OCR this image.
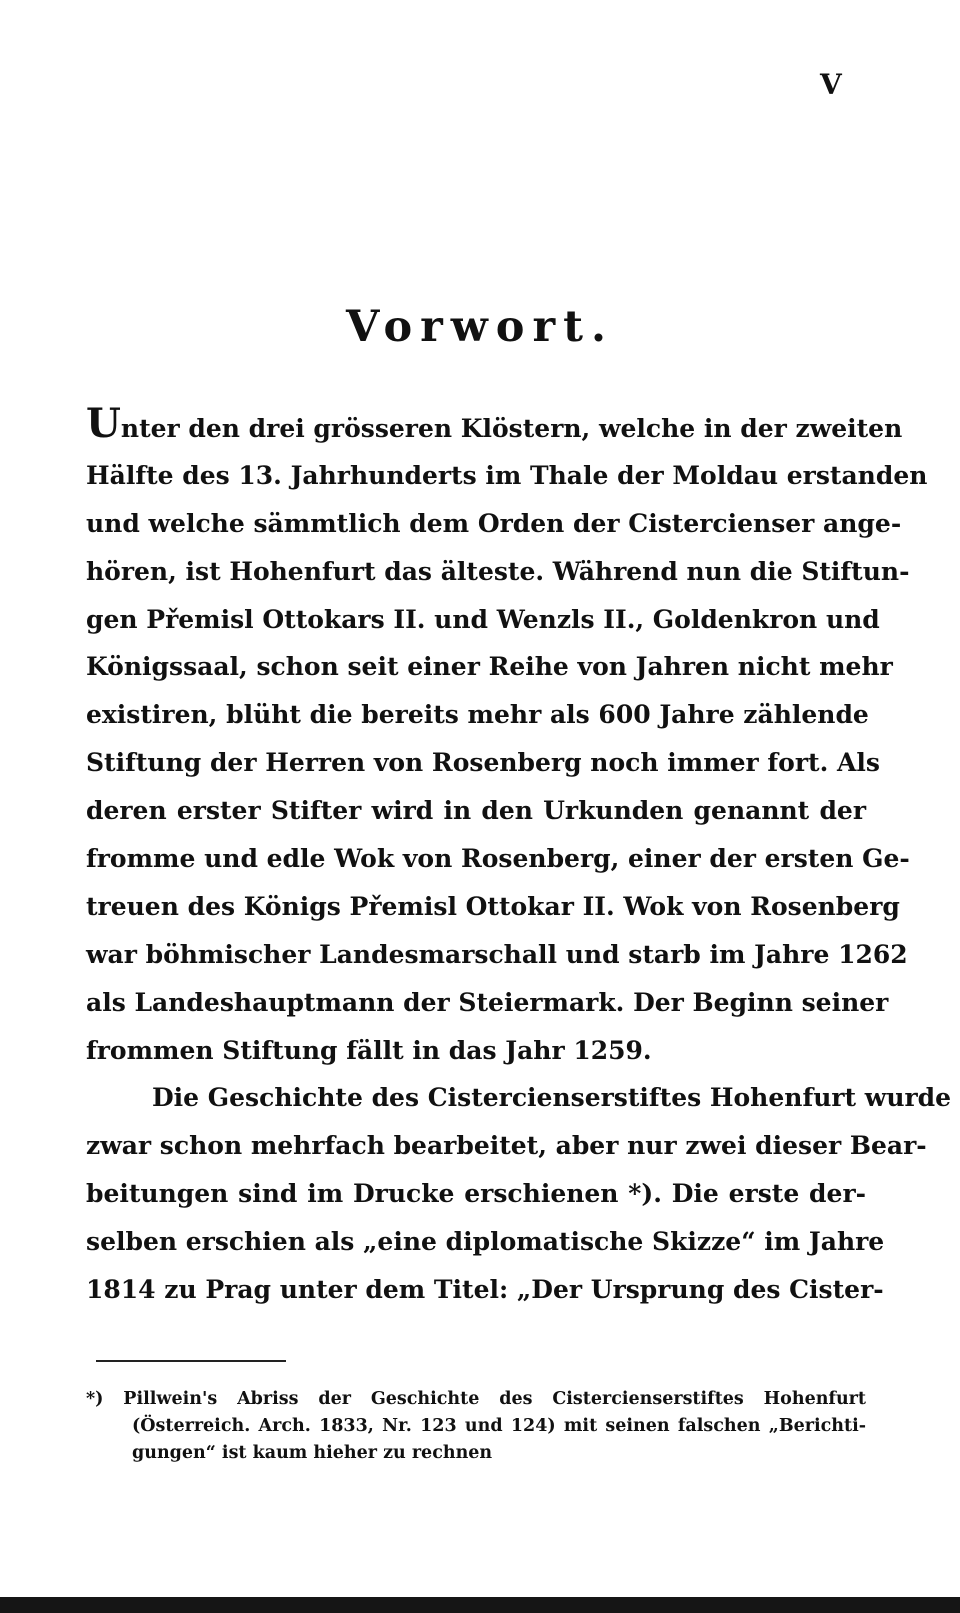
V
Vorwort.
Unter den drei grösseren Klöstern, welche in der zweiten
Hälfte des 13. Jahrhunderts im Thale der Moldau erstanden
und welche sämmtlich dem Orden der Cistercienser ange-
hören, ist Hohenfurt das älteste. Während nun die Stiftun-
gen Přemisl Ottokars II. und Wenzls II., Goldenkron und
Königssaal, schon seit einer Reihe von Jahren nicht mehr
existiren, blüht die bereits mehr als 600 Jahre zählende
Stiftung der Herren von Rosenberg noch immer fort. Als
deren erster Stifter wird in den Urkunden genannt der
fromme und edle Wok von Rosenberg, einer der ersten Ge-
treuen des Königs Přemisl Ottokar II. Wok von Rosenberg
war böhmischer Landesmarschall und starb im Jahre 1262
als Landeshauptmann der Steiermark. Der Beginn seiner
frommen Stiftung fällt in das Jahr 1259.
Die Geschichte des Cistercienserstiftes Hohenfurt wurde
zwar schon mehrfach bearbeitet, aber nur zwei dieser Bear-
beitungen sind im Drucke erschienen *). Die erste der-
selben erschien als „eine diplomatische Skizze“ im Jahre
1814 zu Prag unter dem Titel: „Der Ursprung des Cister-
*) Pillwein's Abriss der Geschichte des Cistercienserstiftes Hohenfurt
(Österreich. Arch. 1833, Nr. 123 und 124) mit seinen falschen „Berichti-
gungen“ ist kaum hieher zu rechnen
